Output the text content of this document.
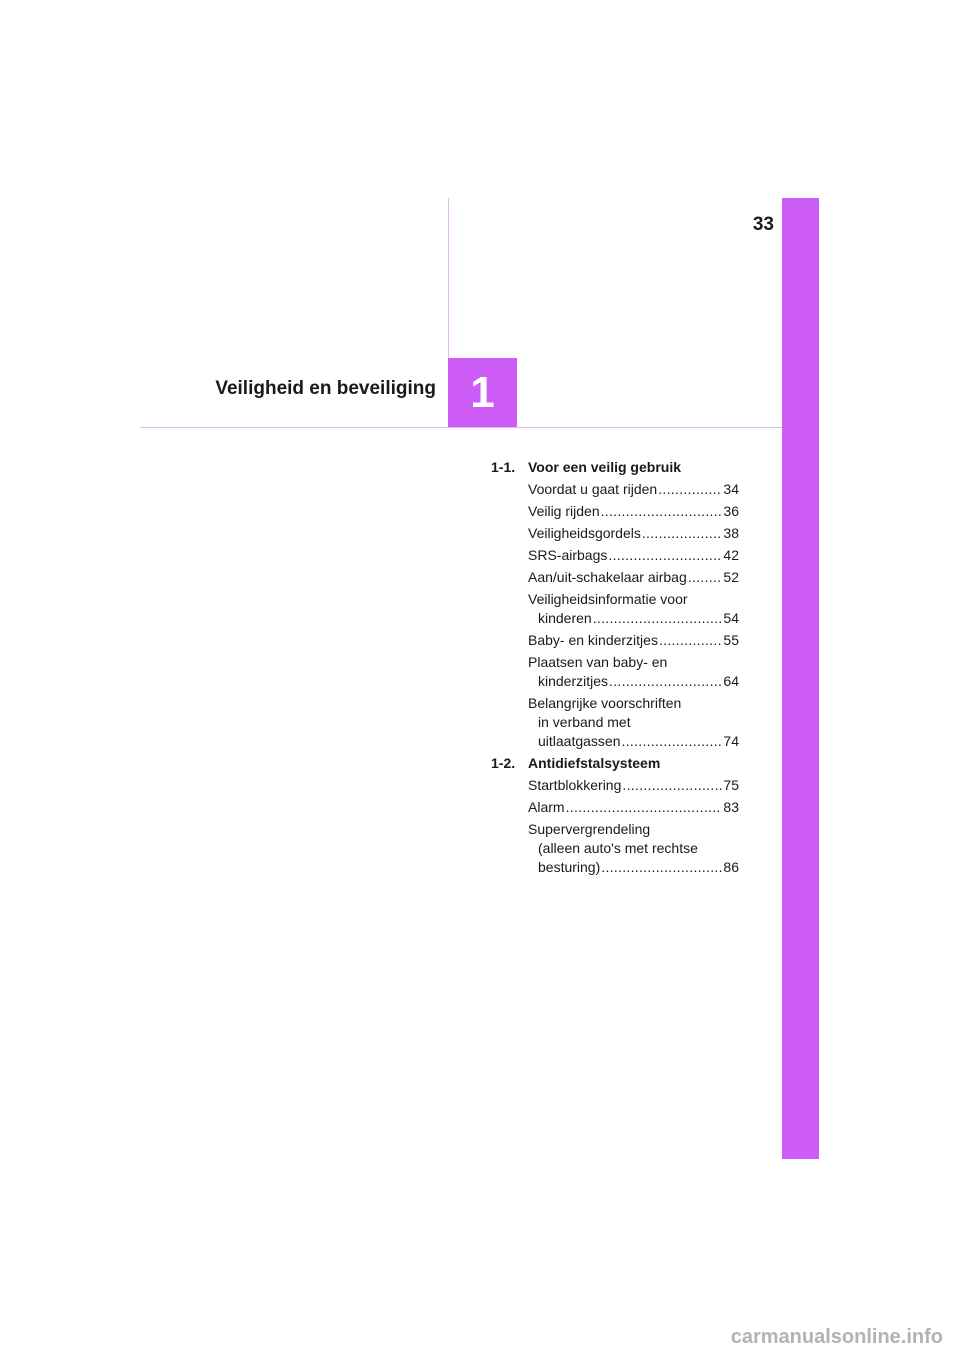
33
1
Veiligheid en beveiliging
1-1. Voor een veilig gebruik
Voordat u gaat rijden .....	34
Veilig rijden .....	36
Veiligheidsgordels .....	38
SRS-airbags .....	42
Aan/uit-schakelaar airbag .....	52
Veiligheidsinformatie voor
kinderen .....	54
Baby- en kinderzitjes .....	55
Plaatsen van baby- en
kinderzitjes .....	64
Belangrijke voorschriften
in verband met
uitlaatgassen .....	74
1-2. Antidiefstalsysteem
Startblokkering .....	75
Alarm .....	83
Supervergrendeling
(alleen auto's met rechtse
besturing) .....	86
carmanualsonline.info
